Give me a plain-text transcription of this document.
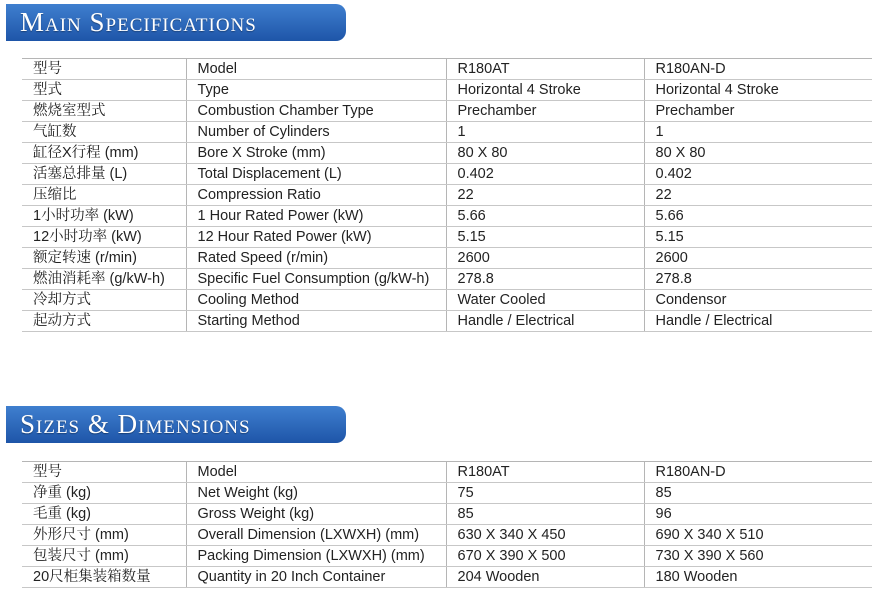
Main Specifications
型号	Model	R180AT	R180AN-D
型式	Type	Horizontal 4 Stroke	Horizontal 4 Stroke
燃烧室型式	Combustion Chamber Type	Prechamber	Prechamber
气缸数	Number of Cylinders	1	1
缸径X行程 (mm)	Bore X Stroke (mm)	80 X 80	80 X 80
活塞总排量 (L)	Total Displacement (L)	0.402	0.402
压缩比	Compression Ratio	22	22
1小时功率 (kW)	1 Hour Rated Power (kW)	5.66	5.66
12小时功率 (kW)	12 Hour Rated Power (kW)	5.15	5.15
额定转速 (r/min)	Rated Speed (r/min)	2600	2600
燃油消耗率 (g/kW-h)	Specific Fuel Consumption (g/kW-h)	278.8	278.8
冷却方式	Cooling Method	Water Cooled	Condensor
起动方式	Starting Method	Handle / Electrical	Handle / Electrical
Sizes & Dimensions
型号	Model	R180AT	R180AN-D
净重 (kg)	Net Weight (kg)	75	85
毛重 (kg)	Gross Weight (kg)	85	96
外形尺寸 (mm)	Overall Dimension (LXWXH) (mm)	630 X 340 X 450	690 X 340 X 510
包装尺寸 (mm)	Packing Dimension (LXWXH) (mm)	670 X 390 X 500	730 X 390 X 560
20尺柜集装箱数量	Quantity in 20 Inch Container	204 Wooden	180 Wooden
